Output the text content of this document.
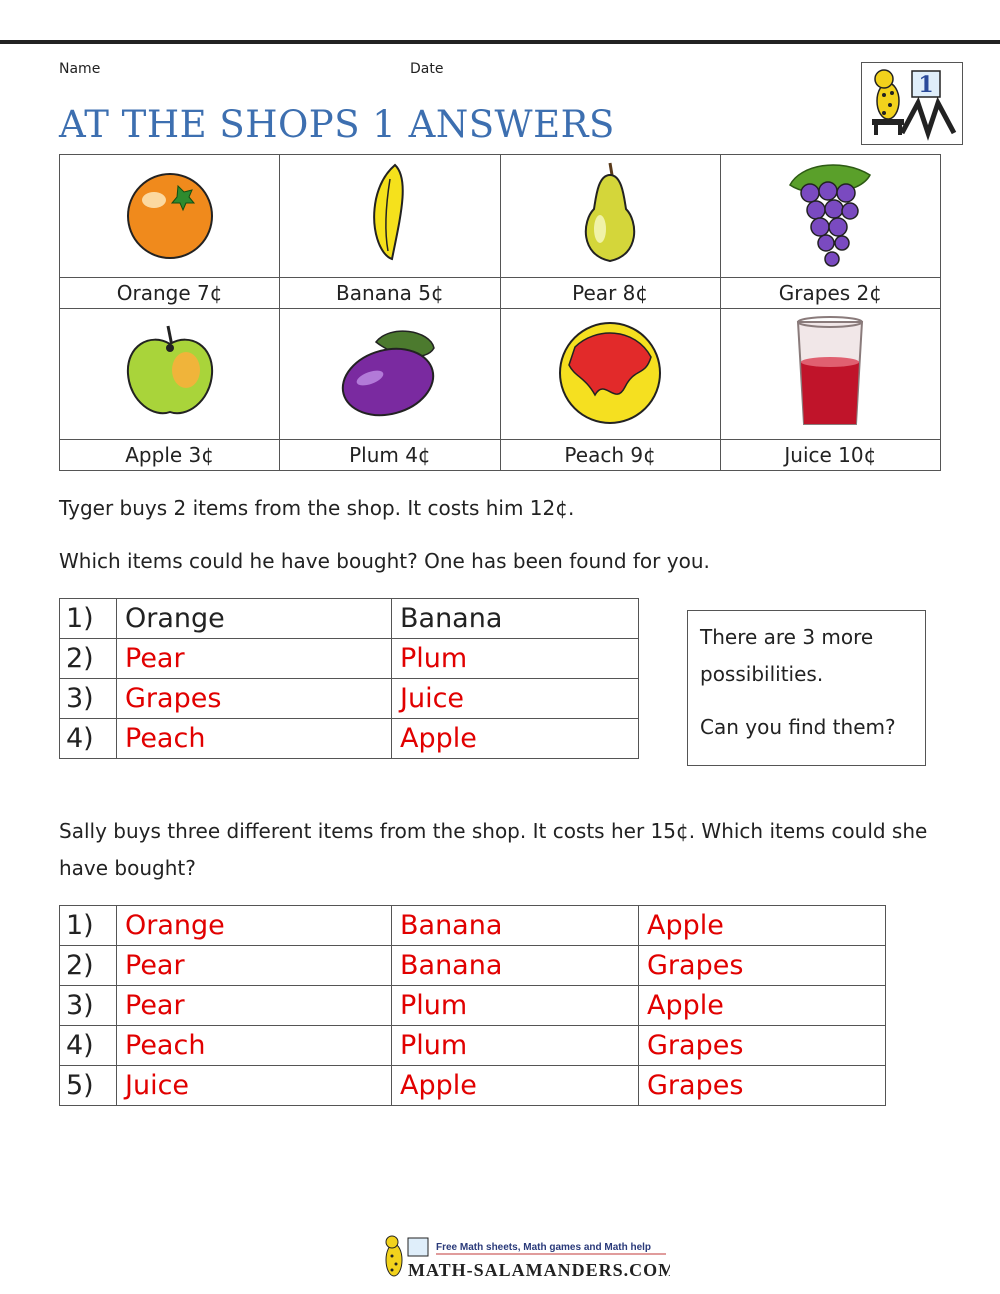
Name	Date
AT THE SHOPS 1 ANSWERS
1

Orange 7¢	Banana 5¢	Pear 8¢	Grapes 2¢

Apple 3¢	Plum 4¢	Peach 9¢	Juice 10¢
Tyger buys 2 items from the shop. It costs him 12¢.
Which items could he have bought? One has been found for you.
1)	Orange	Banana
2)	Pear	Plum
3)	Grapes	Juice
4)	Peach	Apple

There are 3 more possibilities.

Can you find them?

Sally buys three different items from the shop. It costs her 15¢. Which items could she have bought?
1)	Orange	Banana	Apple
2)	Pear	Banana	Grapes
3)	Pear	Plum	Apple
4)	Peach	Plum	Grapes
5)	Juice	Apple	Grapes
Free Math sheets, Math games and Math help
MATH-SALAMANDERS.COM
